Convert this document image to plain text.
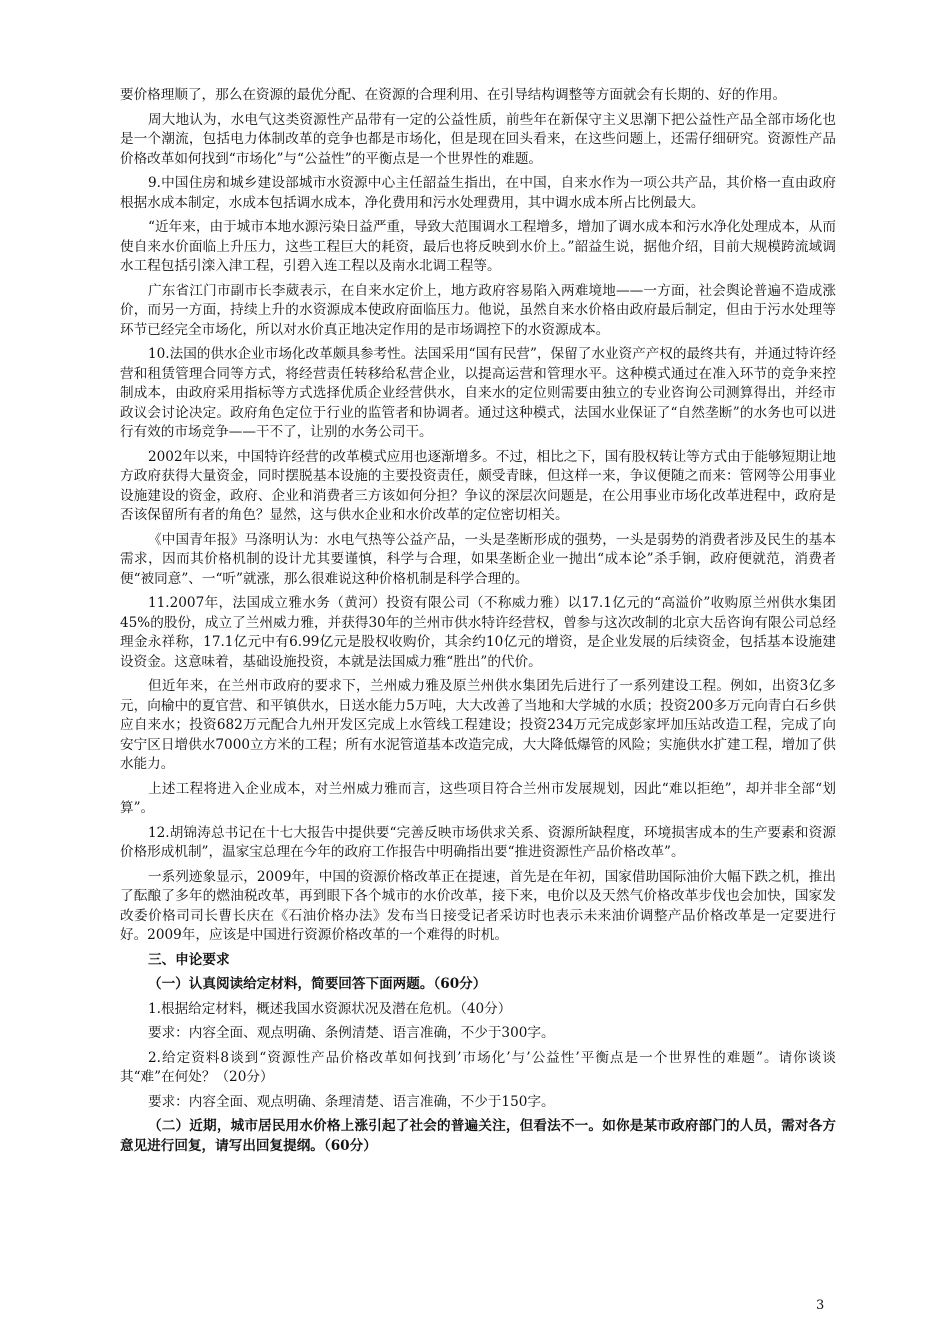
要价格理顺了，那么在资源的最优分配、在资源的合理利用、在引导结构调整等方面就会有长期的、好的作用。

周大地认为，水电气这类资源性产品带有一定的公益性质，前些年在新保守主义思潮下把公益性产品全部市场化也是一个潮流，包括电力体制改革的竞争也都是市场化，但是现在回头看来，在这些问题上，还需仔细研究。资源性产品价格改革如何找到“市场化”与“公益性”的平衡点是一个世界性的难题。

9.中国住房和城乡建设部城市水资源中心主任韶益生指出，在中国，自来水作为一项公共产品，其价格一直由政府根据水成本制定，水成本包括调水成本，净化费用和污水处理费用，其中调水成本所占比例最大。

“近年来，由于城市本地水源污染日益严重，导致大范围调水工程增多，增加了调水成本和污水净化处理成本，从而使自来水价面临上升压力，这些工程巨大的耗资，最后也将反映到水价上。”韶益生说，据他介绍，目前大规模跨流域调水工程包括引滦入津工程，引碧入连工程以及南水北调工程等。

广东省江门市副市长李葳表示，在自来水定价上，地方政府容易陷入两难境地——一方面，社会舆论普遍不造成涨价，而另一方面，持续上升的水资源成本使政府面临压力。他说，虽然自来水价格由政府最后制定，但由于污水处理等环节已经完全市场化，所以对水价真正地决定作用的是市场调控下的水资源成本。

10.法国的供水企业市场化改革颇具参考性。法国采用“国有民营”，保留了水业资产产权的最终共有，并通过特许经营和租赁管理合同等方式，将经营责任转移给私营企业，以提高运营和管理水平。这种模式通过在准入环节的竞争来控制成本，由政府采用指标等方式选择优质企业经营供水，自来水的定位则需要由独立的专业咨询公司测算得出，并经市政议会讨论决定。政府角色定位于行业的监管者和协调者。通过这种模式，法国水业保证了“自然垄断”的水务也可以进行有效的市场竞争——干不了，让别的水务公司干。

2002年以来，中国特许经营的改革模式应用也逐渐增多。不过，相比之下，国有股权转让等方式由于能够短期让地方政府获得大量资金，同时摆脱基本设施的主要投资责任，颇受青睐，但这样一来，争议便随之而来：管网等公用事业设施建设的资金，政府、企业和消费者三方该如何分担？争议的深层次问题是，在公用事业市场化改革进程中，政府是否该保留所有者的角色？显然，这与供水企业和水价改革的定位密切相关。

《中国青年报》马涤明认为：水电气热等公益产品，一头是垄断形成的强势，一头是弱势的消费者涉及民生的基本需求，因而其价格机制的设计尤其要谨慎，科学与合理，如果垄断企业一抛出“成本论”杀手锏，政府便就范，消费者便“被同意”、一“听”就涨，那么很难说这种价格机制是科学合理的。

11.2007年，法国成立雅水务（黄河）投资有限公司（不称威力雅）以17.1亿元的“高溢价”收购原兰州供水集团45%的股份，成立了兰州威力雅，并获得30年的兰州市供水特许经营权，曾参与这次改制的北京大岳咨询有限公司总经理金永祥称，17.1亿元中有6.99亿元是股权收购价，其余约10亿元的增资，是企业发展的后续资金，包括基本设施建设资金。这意味着，基础设施投资，本就是法国威力雅“胜出”的代价。

但近年来，在兰州市政府的要求下，兰州威力雅及原兰州供水集团先后进行了一系列建设工程。例如，出资3亿多元，向榆中的夏官营、和平镇供水，日送水能力5万吨，大大改善了当地和大学城的水质；投资200多万元向青白石乡供应自来水；投资682万元配合九州开发区完成上水管线工程建设；投资234万元完成彭家坪加压站改造工程，完成了向安宁区日增供水7000立方米的工程；所有水泥管道基本改造完成，大大降低爆管的风险；实施供水扩建工程，增加了供水能力。

上述工程将进入企业成本，对兰州威力雅而言，这些项目符合兰州市发展规划，因此“难以拒绝”，却并非全部“划算”。

12.胡锦涛总书记在十七大报告中提供要“完善反映市场供求关系、资源所缺程度，环境损害成本的生产要素和资源价格形成机制”，温家宝总理在今年的政府工作报告中明确指出要“推进资源性产品价格改革”。

一系列迹象显示，2009年，中国的资源价格改革正在提速，首先是在年初，国家借助国际油价大幅下跌之机，推出了酝酿了多年的燃油税改革，再到眼下各个城市的水价改革，接下来，电价以及天然气价格改革步伐也会加快，国家发改委价格司司长曹长庆在《石油价格办法》发布当日接受记者采访时也表示未来油价调整产品价格改革是一定要进行好。2009年，应该是中国进行资源价格改革的一个难得的时机。

三、申论要求

（一）认真阅读给定材料，简要回答下面两题。（60分）

1.根据给定材料，概述我国水资源状况及潜在危机。（40分）

要求：内容全面、观点明确、条例清楚、语言准确，不少于300字。

2.给定资料8谈到“资源性产品价格改革如何找到’市场化’与’公益性’平衡点是一个世界性的难题”。请你谈谈其“难”在何处？（20分）

要求：内容全面、观点明确、条理清楚、语言准确，不少于150字。

（二）近期，城市居民用水价格上涨引起了社会的普遍关注，但看法不一。如你是某市政府部门的人员，需对各方意见进行回复，请写出回复提纲。（60分）

3
